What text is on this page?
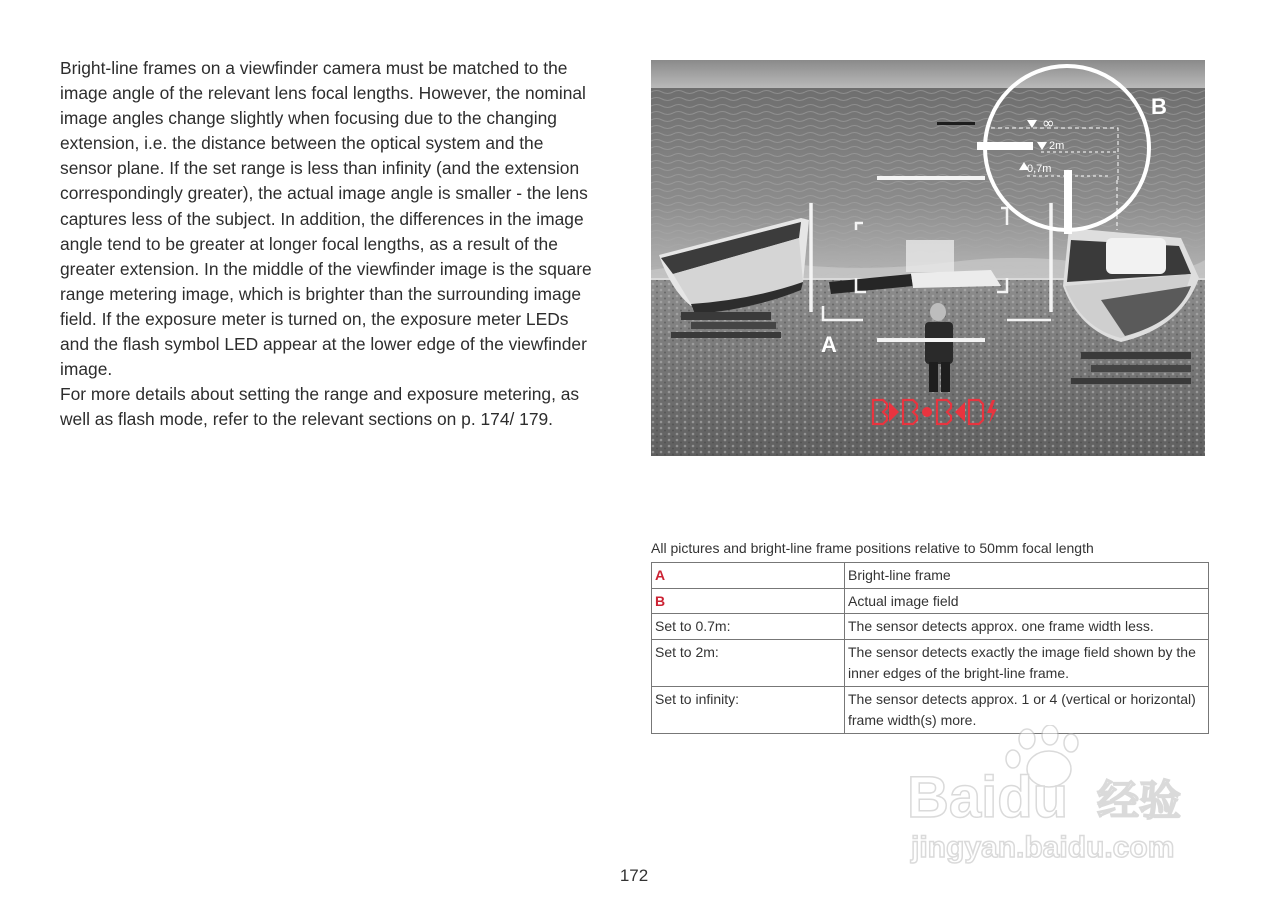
Bright-line frames on a viewfinder camera must be matched to the

image angle of the relevant lens focal lengths. However, the nominal

image angles change slightly when focusing due to the changing

extension, i.e. the distance between the optical system and the

sensor plane. If the set range is less than infinity (and the extension

correspondingly greater), the actual image angle is smaller - the lens

captures less of the subject. In addition, the differences in the image

angle tend to be greater at longer focal lengths, as a result of the

greater extension. In the middle of the viewfinder image is the square

range metering image, which is brighter than the surrounding image

field. If the exposure meter is turned on, the exposure meter LEDs

and the flash symbol LED appear at the lower edge of the viewfinder

image.

For more details about setting the range and exposure metering, as

well as flash mode, refer to the relevant sections on p. 174/ 179.

∞
2m
0,7m
A
B
All pictures and bright-line frame positions relative to 50mm focal length
A	Bright-line frame
B	Actual image field
Set to 0.7m:	The sensor detects approx. one frame width less.
Set to 2m:	The sensor detects exactly the image field shown by the inner edges of the bright-line frame.
Set to infinity:	The sensor detects approx. 1 or 4 (vertical or horizontal) frame width(s) more.
Baidu 经验
jingyan.baidu.com
172
